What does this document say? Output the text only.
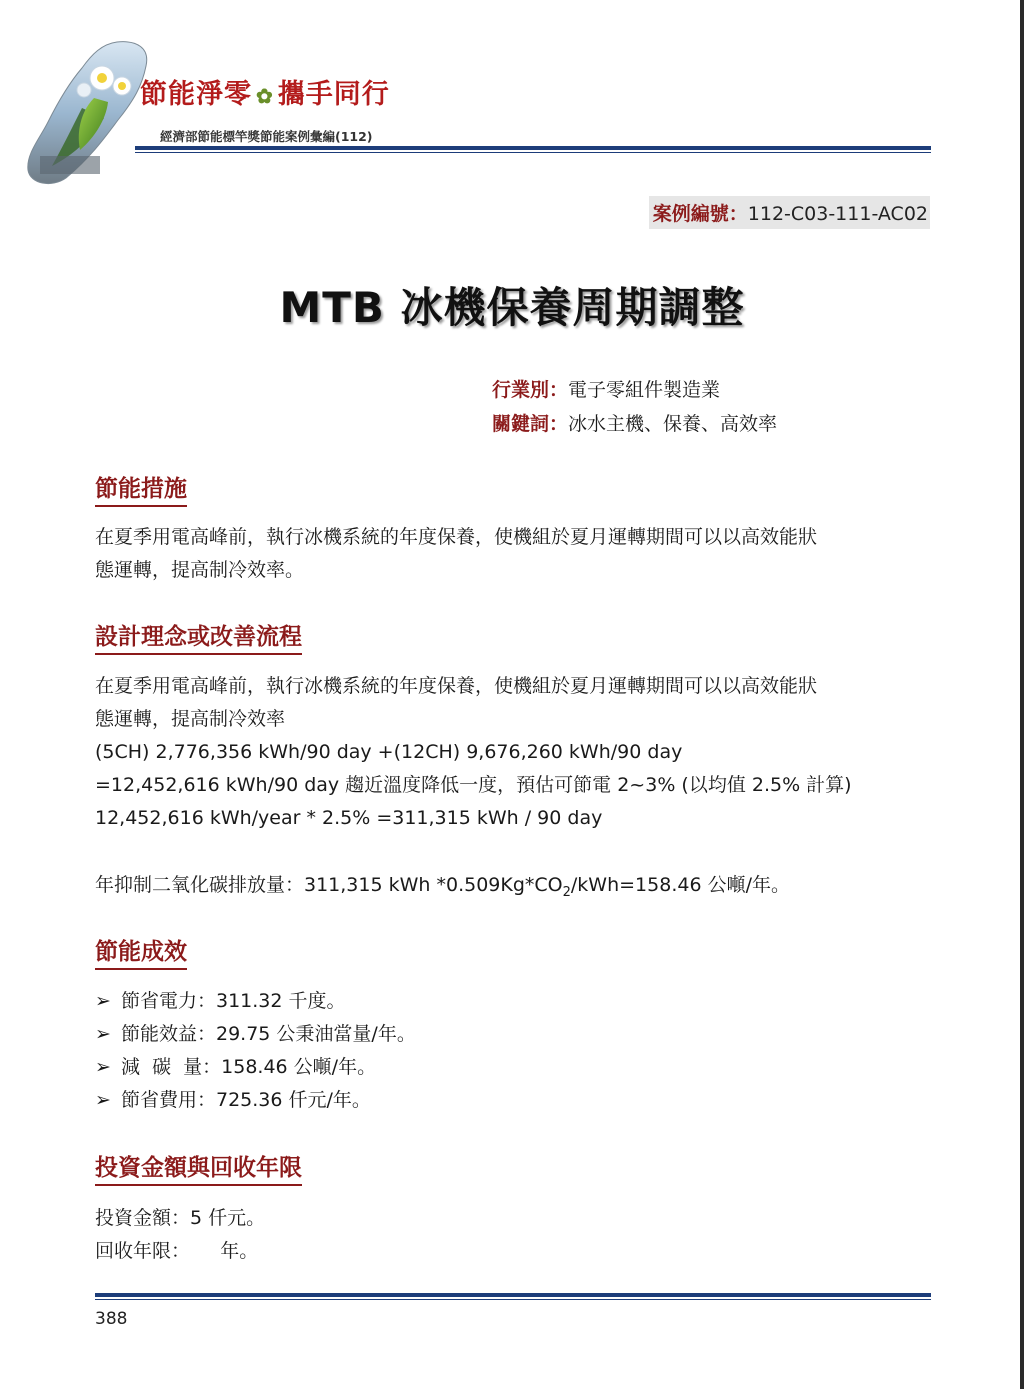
節能淨零 ✿ 攜手同行
經濟部節能標竿獎節能案例彙編(112)
案例編號：112-C03-111-AC02
MTB 冰機保養周期調整
行業別：電子零組件製造業
關鍵詞：冰水主機、保養、高效率
節能措施
在夏季用電高峰前，執行冰機系統的年度保養，使機組於夏月運轉期間可以以高效能狀
態運轉，提高制冷效率。
設計理念或改善流程
在夏季用電高峰前，執行冰機系統的年度保養，使機組於夏月運轉期間可以以高效能狀
態運轉，提高制冷效率
(5CH) 2,776,356 kWh/90 day +(12CH) 9,676,260 kWh/90 day
=12,452,616 kWh/90 day 趨近溫度降低一度，預估可節電 2~3% (以均值 2.5% 計算)
12,452,616 kWh/year * 2.5% =311,315 kWh / 90 day
年抑制二氧化碳排放量：311,315 kWh $*0.509Kg*CO_2/kWh=158.46$ 公噸/年。
節能成效
➢ 節省電力：311.32 千度。
➢ 節能效益：29.75 公秉油當量/年。
➢ 減  碳  量：158.46 公噸/年。
➢ 節省費用：725.36 仟元/年。
投資金額與回收年限
投資金額：5 仟元。
回收年限：     年。
388
